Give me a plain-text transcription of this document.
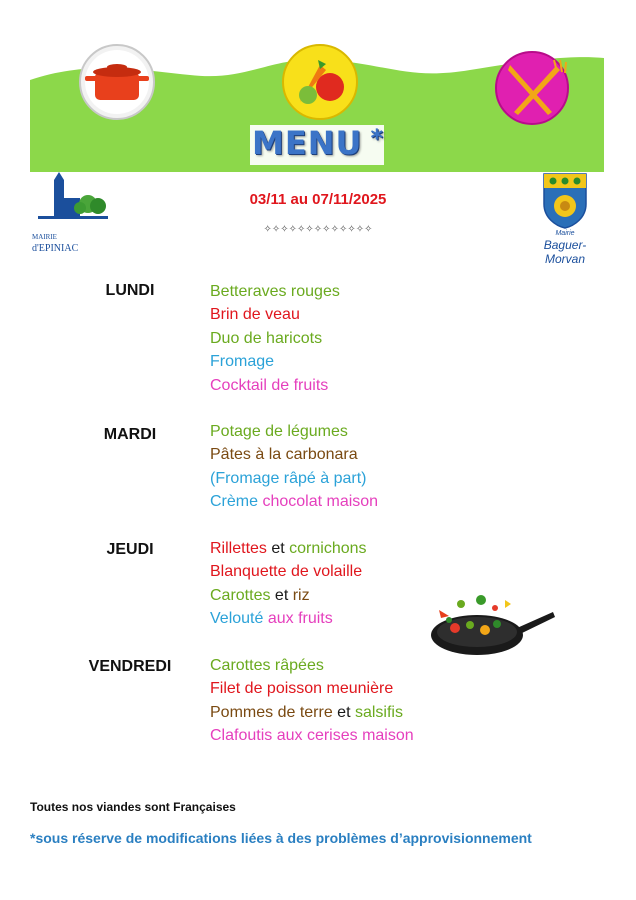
MENU *
MAIRIE
d'EPINIAC
Mairie
Baguer-Morvan
03/11 au 07/11/2025
✧✧✧✧✧✧✧✧✧✧✧✧✧
LUNDI	Betteraves rouges
Brin de veau
Duo de haricots
Fromage
Cocktail de fruits
MARDI	Potage de légumes
Pâtes à la carbonara
(Fromage râpé à part)
Crème chocolat maison
JEUDI	Rillettes et cornichons
Blanquette de volaille
Carottes et riz
Velouté aux fruits
VENDREDI	Carottes râpées
Filet de poisson meunière
Pommes de terre et salsifis
Clafoutis aux cerises maison
Toutes nos viandes sont Françaises
*sous réserve de modifications liées à des problèmes d’approvisionnement
